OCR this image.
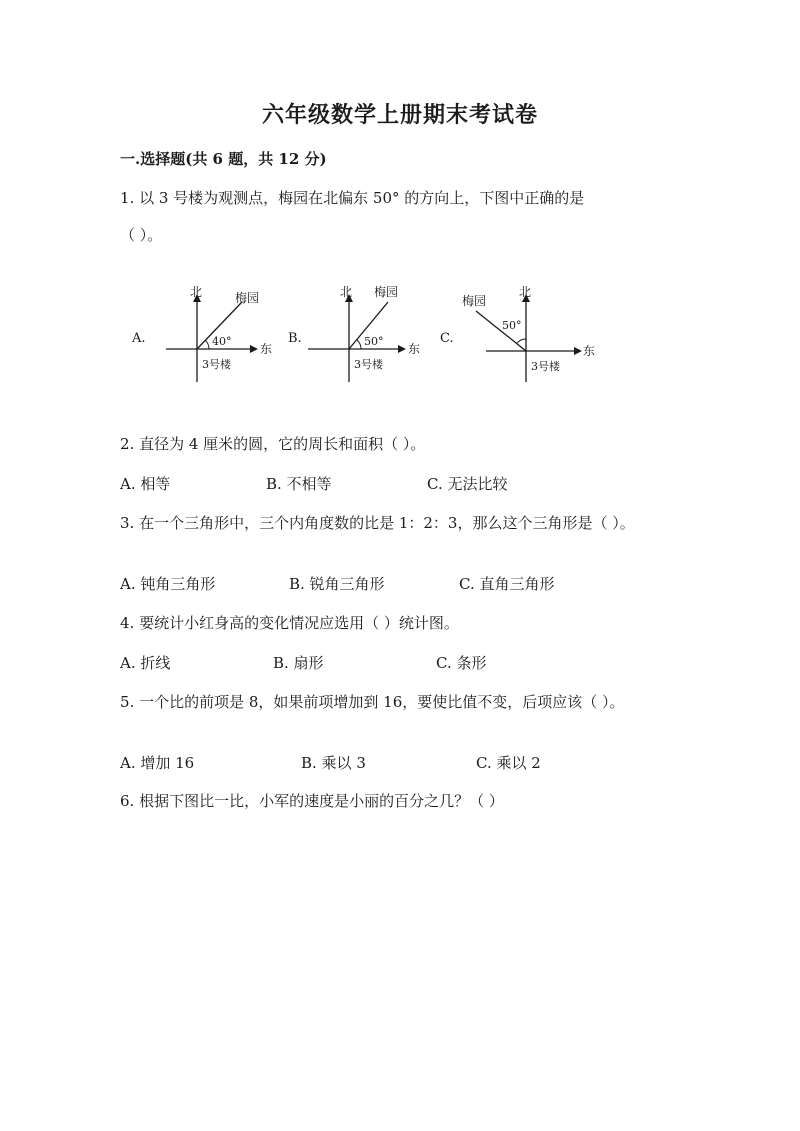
六年级数学上册期末考试卷
一.选择题(共 6 题，共 12 分)
1. 以 3 号楼为观测点，梅园在北偏东 50° 的方向上，下图中正确的是
（ ）。
A.
北
东
梅园
40°
3号楼
B.
北
东
梅园
50°
3号楼
C.
北
东
梅园
50°
3号楼
2. 直径为 4 厘米的圆，它的周长和面积（ ）。
A. 相等	B. 不相等	C. 无法比较
3. 在一个三角形中，三个内角度数的比是 1：2：3，那么这个三角形是（ ）。
A. 钝角三角形	B. 锐角三角形	C. 直角三角形
4. 要统计小红身高的变化情况应选用（ ）统计图。
A. 折线	B. 扇形	C. 条形
5. 一个比的前项是 8，如果前项增加到 16，要使比值不变，后项应该（ ）。
A. 增加 16	B. 乘以 3	C. 乘以 2
6. 根据下图比一比，小军的速度是小丽的百分之几？（ ）
